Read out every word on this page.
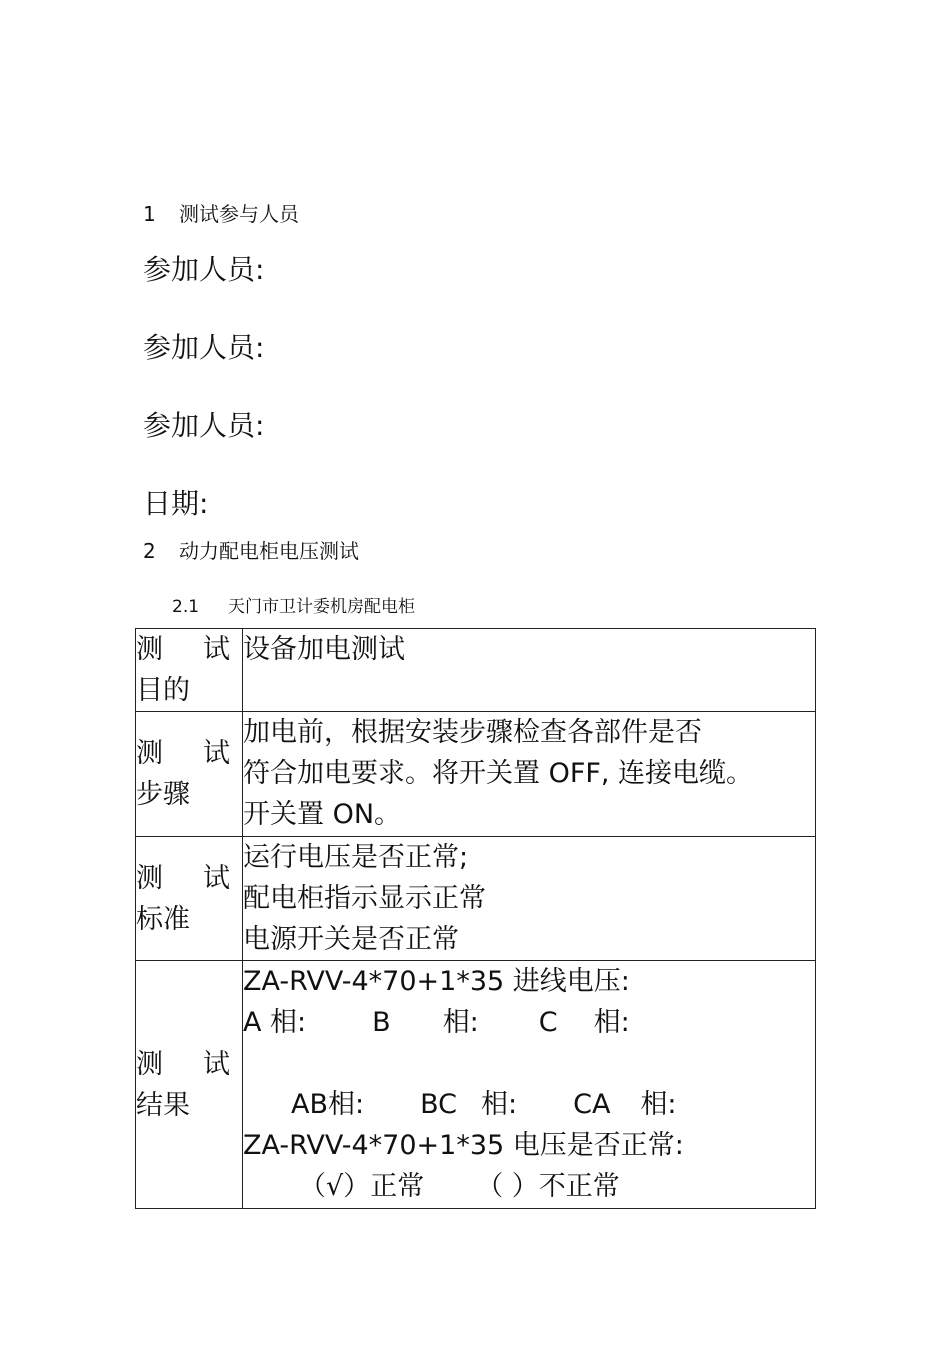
1 测试参与人员
参加人员:
参加人员:
参加人员:
日期:
2 动力配电柜电压测试
2.1 天门市卫计委机房配电柜
测 试
目的	设备加电测试

测 试
步骤	加电前，根据安装步骤检查各部件是否
符合加电要求。将开关置 OFF, 连接电缆。
开关置 ON。

测 试
标准	运行电压是否正常;
配电柜指示显示正常
电源开关是否正常

测 试
结果	ZA-RVV-4*70+1*35 进线电压:
A 相: B 相: C 相:
AB相: BC 相: CA 相:
ZA-RVV-4*70+1*35 电压是否正常:
（√）正常 （ ）不正常
